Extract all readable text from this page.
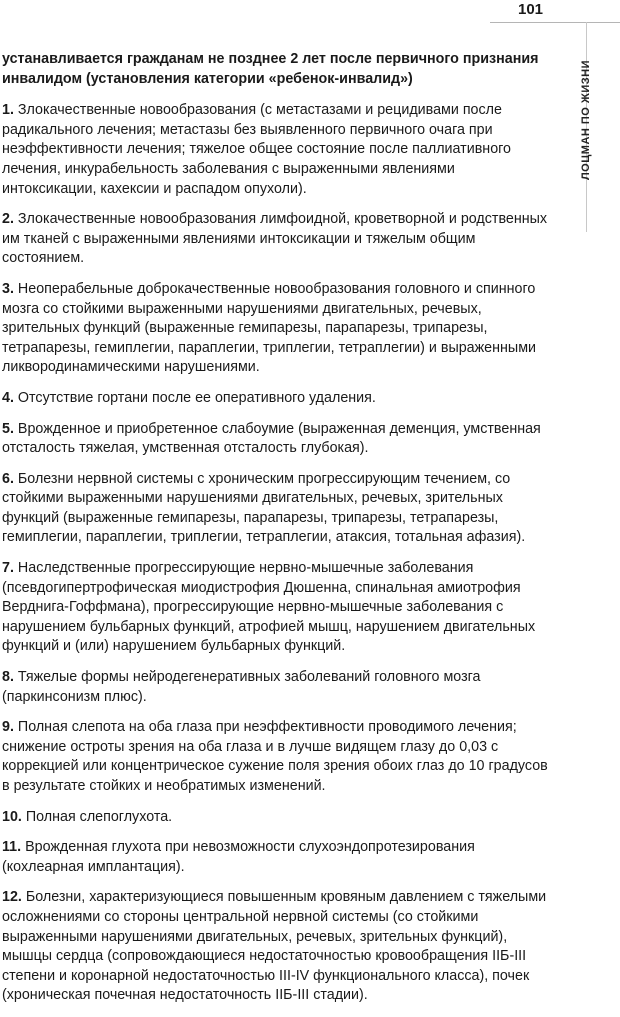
101
ЛОЦМАН ПО ЖИЗНИ

устанавливается гражданам не позднее 2 лет после первичного признания инвалидом (установления категории «ребенок-инвалид»)

1. Злокачественные новообразования (с метастазами и рецидивами после радикального лечения; метастазы без выявленного первичного очага при неэффективности лечения; тяжелое общее состояние после паллиативного лечения, инкурабельность заболевания с выраженными явлениями интоксикации, кахексии и распадом опухоли).

2. Злокачественные новообразования лимфоидной, кроветворной и родственных им тканей с выраженными явлениями интоксикации и тяжелым общим состоянием.

3. Неоперабельные доброкачественные новообразования головного и спинного мозга со стойкими выраженными нарушениями двигательных, речевых, зрительных функций (выраженные гемипарезы, парапарезы, трипарезы, тетрапарезы, гемиплегии, параплегии, триплегии, тетраплегии) и выраженными ликвородинамическими нарушениями.

4. Отсутствие гортани после ее оперативного удаления.

5. Врожденное и приобретенное слабоумие (выраженная деменция, умственная отсталость тяжелая, умственная отсталость глубокая).

6. Болезни нервной системы с хроническим прогрессирующим течением, со стойкими выраженными нарушениями двигательных, речевых, зрительных функций (выраженные гемипарезы, парапарезы, трипарезы, тетрапарезы, гемиплегии, параплегии, триплегии, тетраплегии, атаксия, тотальная афазия).

7. Наследственные прогрессирующие нервно-мышечные заболевания (псевдогипертрофическая миодистрофия Дюшенна, спинальная амиотрофия Верднига-Гоффмана), прогрессирующие нервно-мышечные заболевания с нарушением бульбарных функций, атрофией мышц, нарушением двигательных функций и (или) нарушением бульбарных функций.

8. Тяжелые формы нейродегенеративных заболеваний головного мозга (паркинсонизм плюс).

9. Полная слепота на оба глаза при неэффективности проводимого лечения; снижение остроты зрения на оба глаза и в лучше видящем глазу до 0,03 с коррекцией или концентрическое сужение поля зрения обоих глаз до 10 градусов в результате стойких и необратимых изменений.

10. Полная слепоглухота.

11. Врожденная глухота при невозможности слухоэндопротезирования (кохлеарная имплантация).

12. Болезни, характеризующиеся повышенным кровяным давлением с тяжелыми осложнениями со стороны центральной нервной системы (со стойкими выраженными нарушениями двигательных, речевых, зрительных функций), мышцы сердца (сопровождающиеся недостаточностью кровообращения IIБ-III степени и коронарной недостаточностью III-IV функционального класса), почек (хроническая почечная недостаточность IIБ-III стадии).
